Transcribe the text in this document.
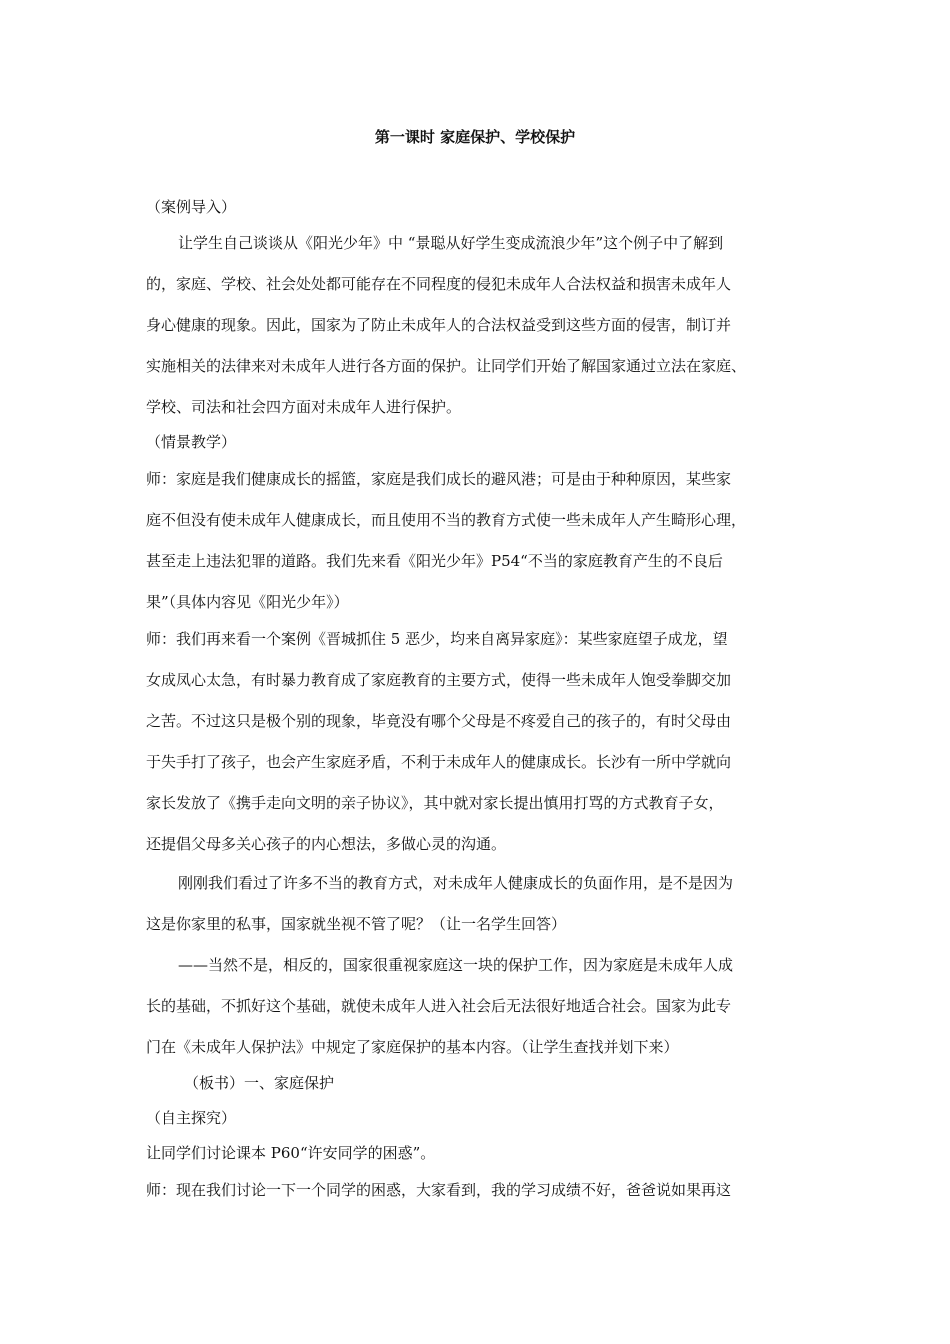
第一课时 家庭保护、学校保护
（案例导入）
让学生自己谈谈从《阳光少年》中 “景聪从好学生变成流浪少年”这个例子中了解到
的，家庭、学校、社会处处都可能存在不同程度的侵犯未成年人合法权益和损害未成年人
身心健康的现象。因此，国家为了防止未成年人的合法权益受到这些方面的侵害，制订并
实施相关的法律来对未成年人进行各方面的保护。让同学们开始了解国家通过立法在家庭、
学校、司法和社会四方面对未成年人进行保护。
（情景教学）
师：家庭是我们健康成长的摇篮，家庭是我们成长的避风港；可是由于种种原因，某些家
庭不但没有使未成年人健康成长，而且使用不当的教育方式使一些未成年人产生畸形心理，
甚至走上违法犯罪的道路。我们先来看《阳光少年》P54“不当的家庭教育产生的不良后
果”（具体内容见《阳光少年》）
师：我们再来看一个案例《晋城抓住 5 恶少，均来自离异家庭》：某些家庭望子成龙，望
女成凤心太急，有时暴力教育成了家庭教育的主要方式，使得一些未成年人饱受拳脚交加
之苦。不过这只是极个别的现象，毕竟没有哪个父母是不疼爱自己的孩子的，有时父母由
于失手打了孩子，也会产生家庭矛盾，不利于未成年人的健康成长。长沙有一所中学就向
家长发放了《携手走向文明的亲子协议》，其中就对家长提出慎用打骂的方式教育子女，
还提倡父母多关心孩子的内心想法，多做心灵的沟通。
刚刚我们看过了许多不当的教育方式，对未成年人健康成长的负面作用，是不是因为
这是你家里的私事，国家就坐视不管了呢？（让一名学生回答）
——当然不是，相反的，国家很重视家庭这一块的保护工作，因为家庭是未成年人成
长的基础，不抓好这个基础，就使未成年人进入社会后无法很好地适合社会。国家为此专
门在《未成年人保护法》中规定了家庭保护的基本内容。（让学生查找并划下来）
（板书）一、家庭保护
（自主探究）
让同学们讨论课本 P60“许安同学的困惑”。
师：现在我们讨论一下一个同学的困惑，大家看到，我的学习成绩不好，爸爸说如果再这
